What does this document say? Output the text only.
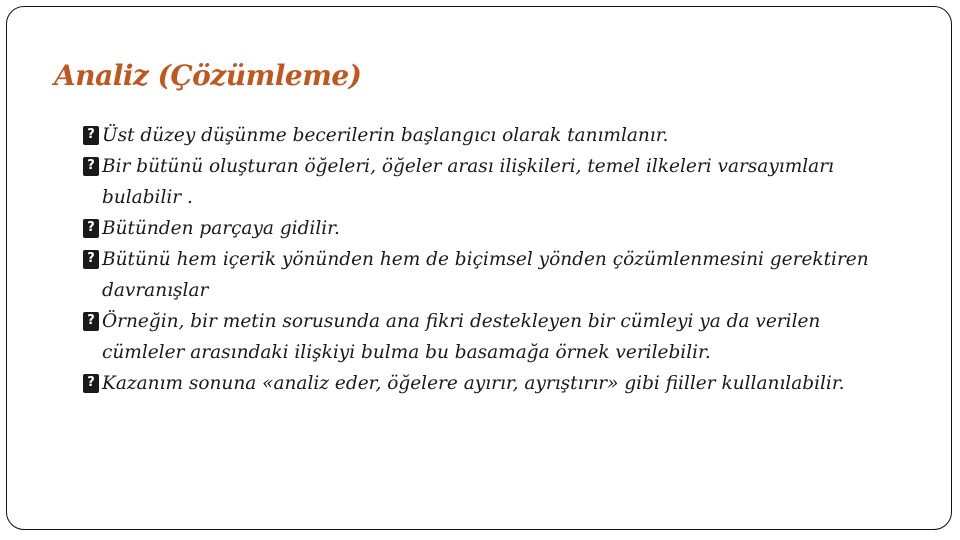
Analiz (Çözümleme)
?
Üst düzey düşünme becerilerin başlangıcı olarak tanımlanır.
?
Bir bütünü oluşturan öğeleri, öğeler arası ilişkileri, temel ilkeleri varsayımları bulabilir .
?
Bütünden parçaya gidilir.
?
Bütünü hem içerik yönünden hem de biçimsel yönden çözümlenmesini gerektiren davranışlar
?
Örneğin, bir metin sorusunda ana fikri destekleyen bir cümleyi ya da verilen cümleler arasındaki ilişkiyi bulma bu basamağa örnek verilebilir.
?
Kazanım sonuna «analiz eder, öğelere ayırır, ayrıştırır» gibi fiiller kullanılabilir.
